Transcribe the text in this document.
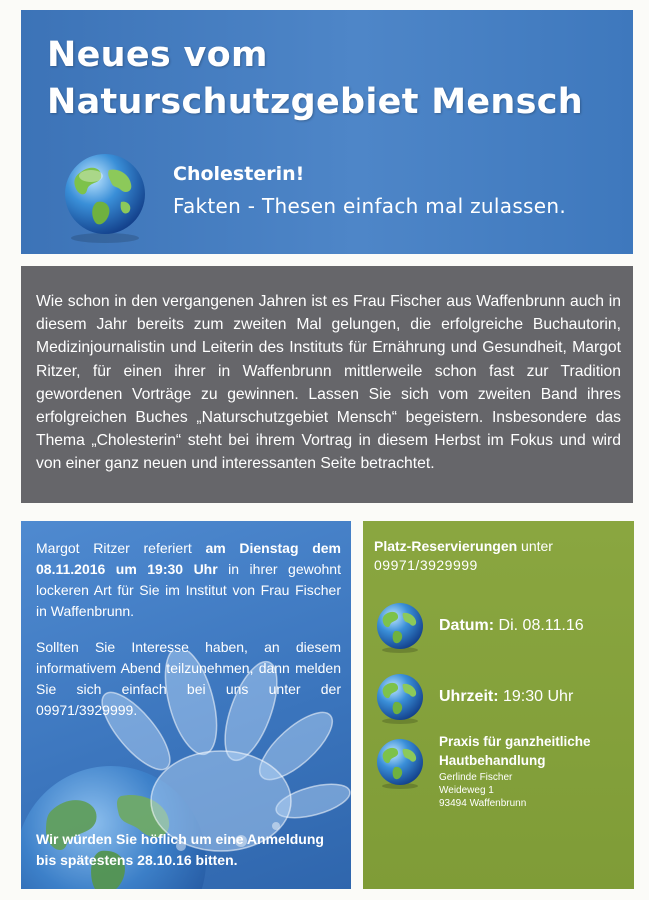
Neues vom
Naturschutzgebiet Mensch
Cholesterin!
Fakten - Thesen einfach mal zulassen.

Wie schon in den vergangenen Jahren ist es Frau Fischer aus Waffenbrunn auch in diesem Jahr bereits zum zweiten Mal gelungen, die erfolgreiche Buchautorin, Medizinjournalistin und Leiterin des Instituts für Ernährung und Gesundheit, Margot Ritzer, für einen ihrer in Waffenbrunn mittlerweile schon fast zur Tradition gewordenen Vorträge zu gewinnen. Lassen Sie sich vom zweiten Band ihres erfolgreichen Buches „Naturschutzgebiet Mensch“ begeistern. Insbesondere das Thema „Cholesterin“ steht bei ihrem Vortrag in diesem Herbst im Fokus und wird von einer ganz neuen und interessanten Seite betrachtet.

Margot Ritzer referiert am Dienstag dem 08.11.2016 um 19:30 Uhr in ihrer gewohnt lockeren Art für Sie im Institut von Frau Fischer in Waffenbrunn.

Sollten Sie Interesse haben, an diesem informativem Abend teilzunehmen, dann melden Sie sich einfach bei uns unter der 09971/3929999.

Wir würden Sie höflich um eine Anmeldung bis spätestens 28.10.16 bitten.

Platz-Reservierungen unter
09971/3929999
Datum: Di. 08.11.16
Uhrzeit: 19:30 Uhr
Praxis für ganzheitliche
Hautbehandlung
Gerlinde Fischer
Weideweg 1
93494 Waffenbrunn
